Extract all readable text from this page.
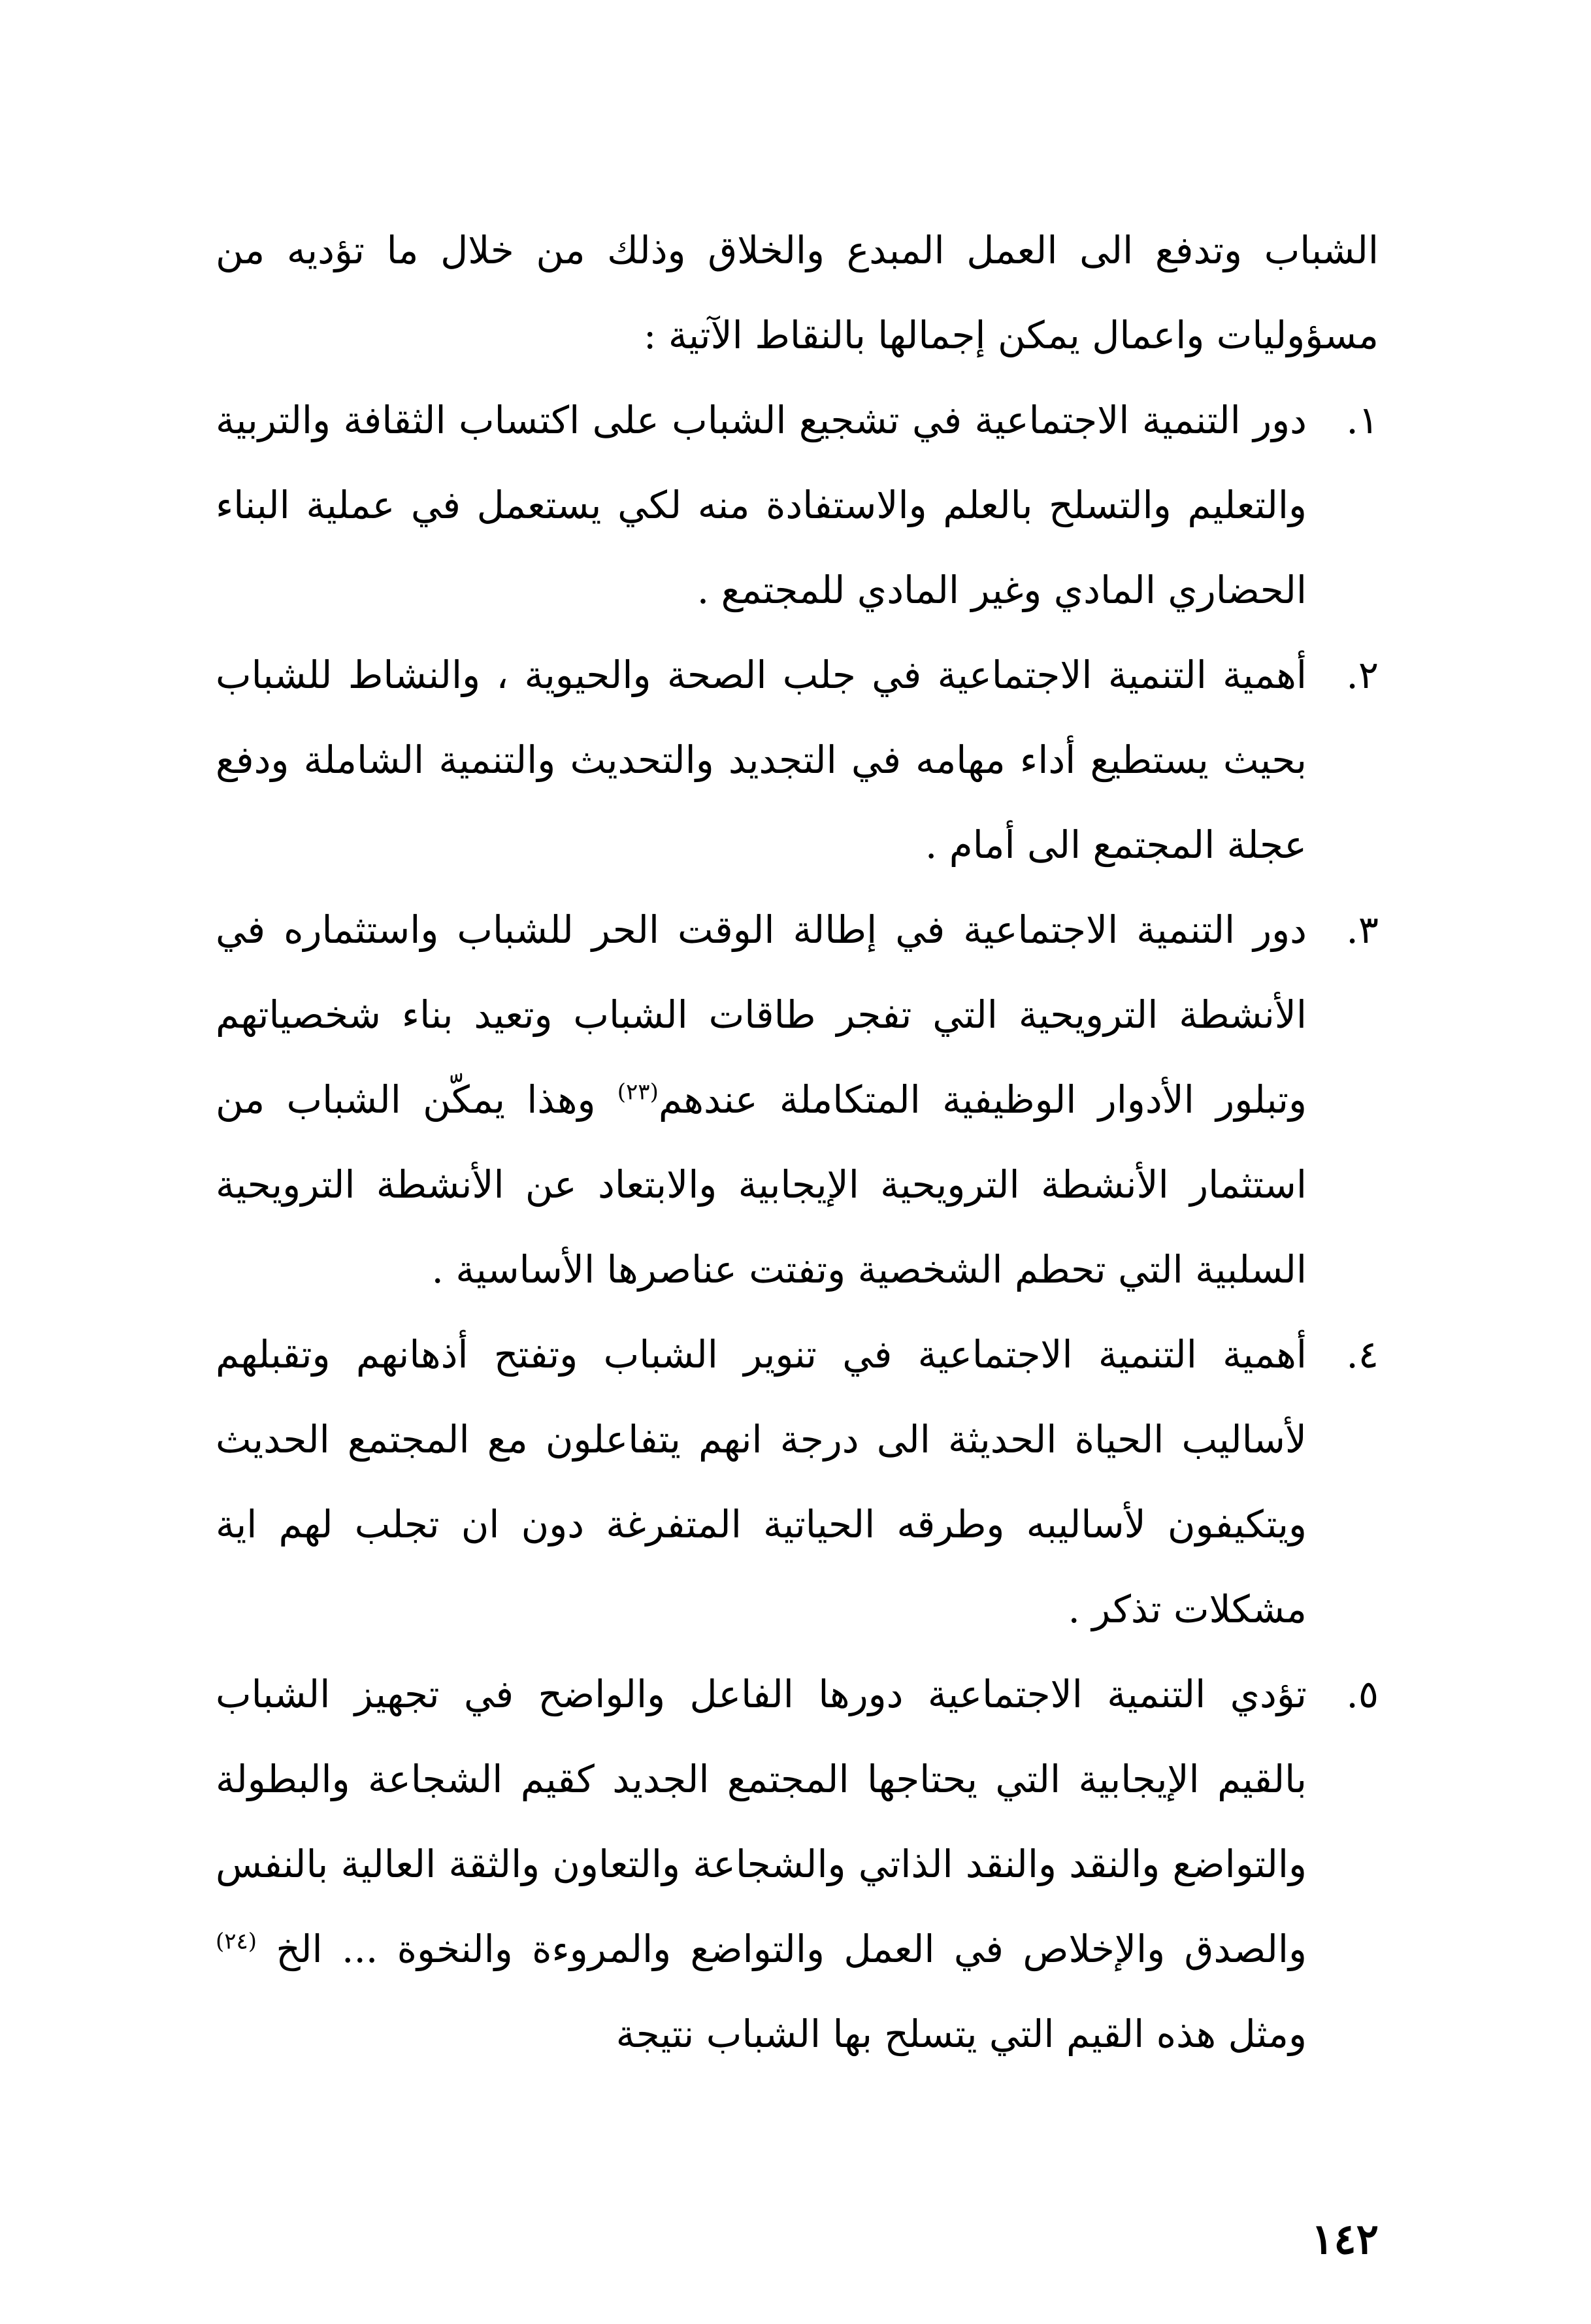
الشباب وتدفع الى العمل المبدع والخلاق وذلك من خلال ما تؤديه من مسؤوليات واعمال يمكن إجمالها بالنقاط الآتية :

١.
دور التنمية الاجتماعية في تشجيع الشباب على اكتساب الثقافة والتربية والتعليم والتسلح بالعلم والاستفادة منه لكي يستعمل في عملية البناء الحضاري المادي وغير المادي للمجتمع .
٢.
أهمية التنمية الاجتماعية في جلب الصحة والحيوية ، والنشاط للشباب بحيث يستطيع أداء مهامه في التجديد والتحديث والتنمية الشاملة ودفع عجلة المجتمع الى أمام .
٣.
دور التنمية الاجتماعية في إطالة الوقت الحر للشباب واستثماره في الأنشطة الترويحية التي تفجر طاقات الشباب وتعيد بناء شخصياتهم وتبلور الأدوار الوظيفية المتكاملة عندهم$^{(٢٣)}$ وهذا يمكّن الشباب من استثمار الأنشطة الترويحية الإيجابية والابتعاد عن الأنشطة الترويحية السلبية التي تحطم الشخصية وتفتت عناصرها الأساسية .
٤.
أهمية التنمية الاجتماعية في تنوير الشباب وتفتح أذهانهم وتقبلهم لأساليب الحياة الحديثة الى درجة انهم يتفاعلون مع المجتمع الحديث ويتكيفون لأساليبه وطرقه الحياتية المتفرغة دون ان تجلب لهم اية مشكلات تذكر .
٥.
تؤدي التنمية الاجتماعية دورها الفاعل والواضح في تجهيز الشباب بالقيم الإيجابية التي يحتاجها المجتمع الجديد كقيم الشجاعة والبطولة والتواضع والنقد والنقد الذاتي والشجاعة والتعاون والثقة العالية بالنفس والصدق والإخلاص في العمل والتواضع والمروءة والنخوة ... الخ $^{(٢٤)}$ ومثل هذه القيم التي يتسلح بها الشباب نتيجة
١٤٢
